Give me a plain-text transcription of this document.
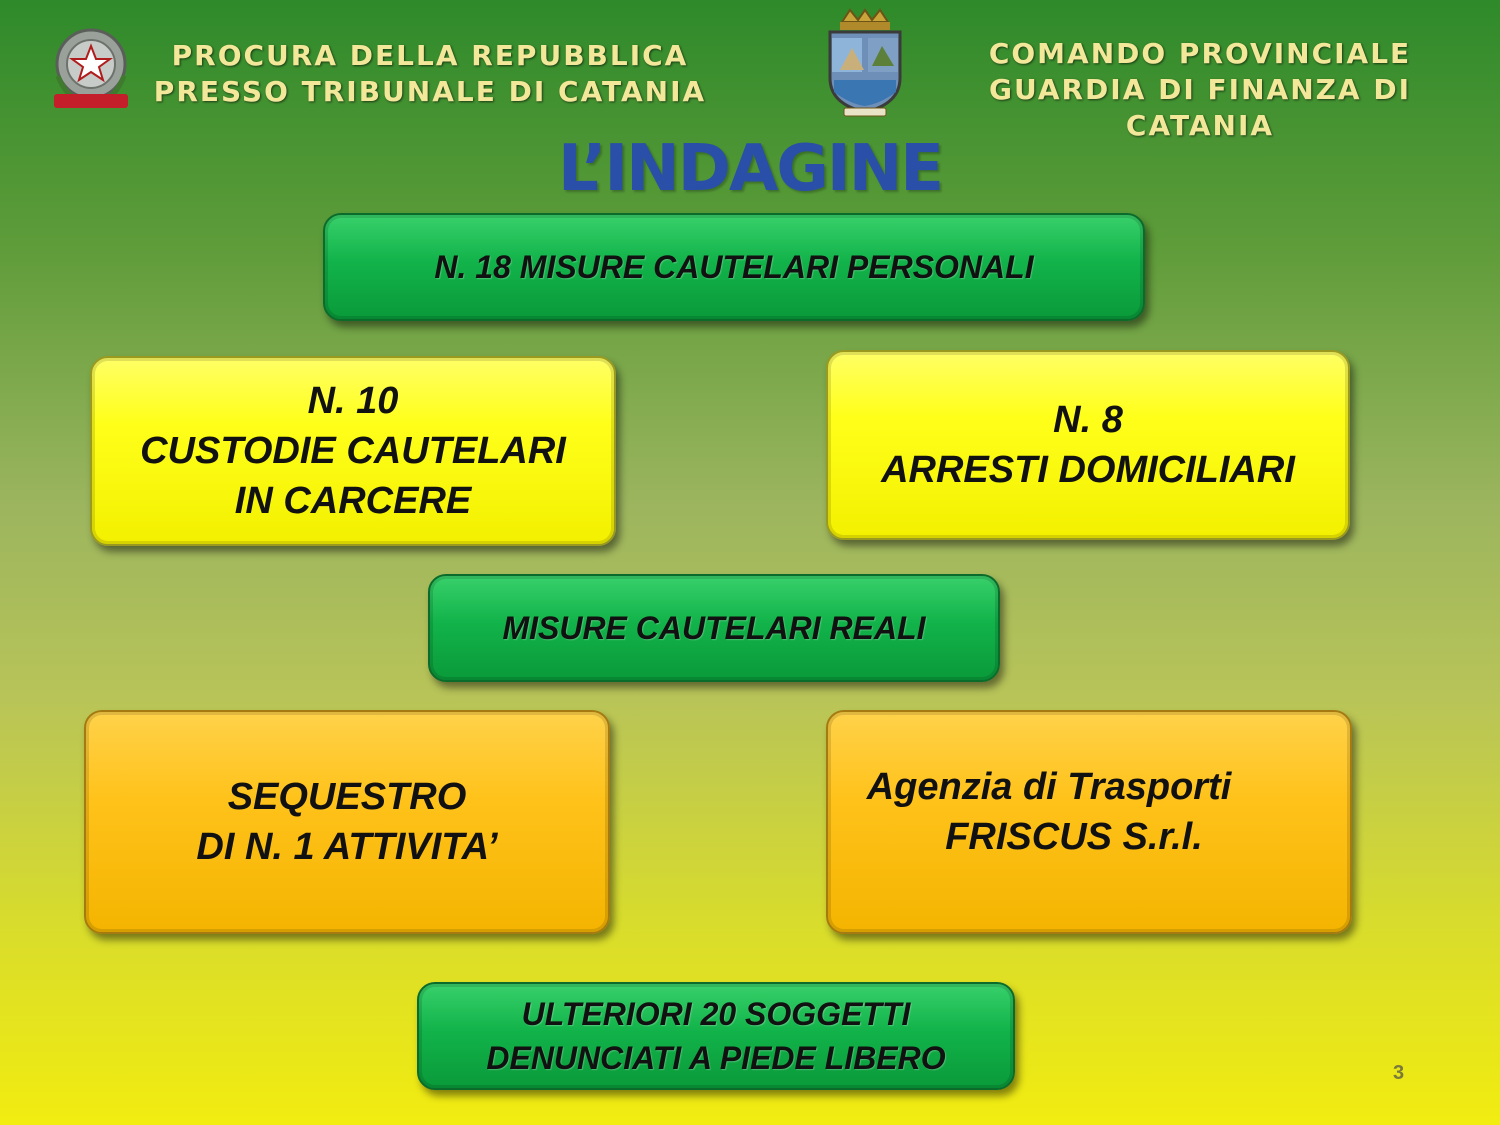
PROCURA DELLA REPUBBLICA
PRESSO TRIBUNALE DI CATANIA
COMANDO PROVINCIALE
GUARDIA DI FINANZA DI CATANIA
L’INDAGINE
N. 18 MISURE CAUTELARI PERSONALI
N. 10
CUSTODIE CAUTELARI
IN CARCERE
N. 8
ARRESTI DOMICILIARI
MISURE CAUTELARI REALI
SEQUESTRO
DI N. 1 ATTIVITA’
Agenzia di Trasporti
FRISCUS S.r.l.
ULTERIORI 20 SOGGETTI
DENUNCIATI A PIEDE LIBERO	3
